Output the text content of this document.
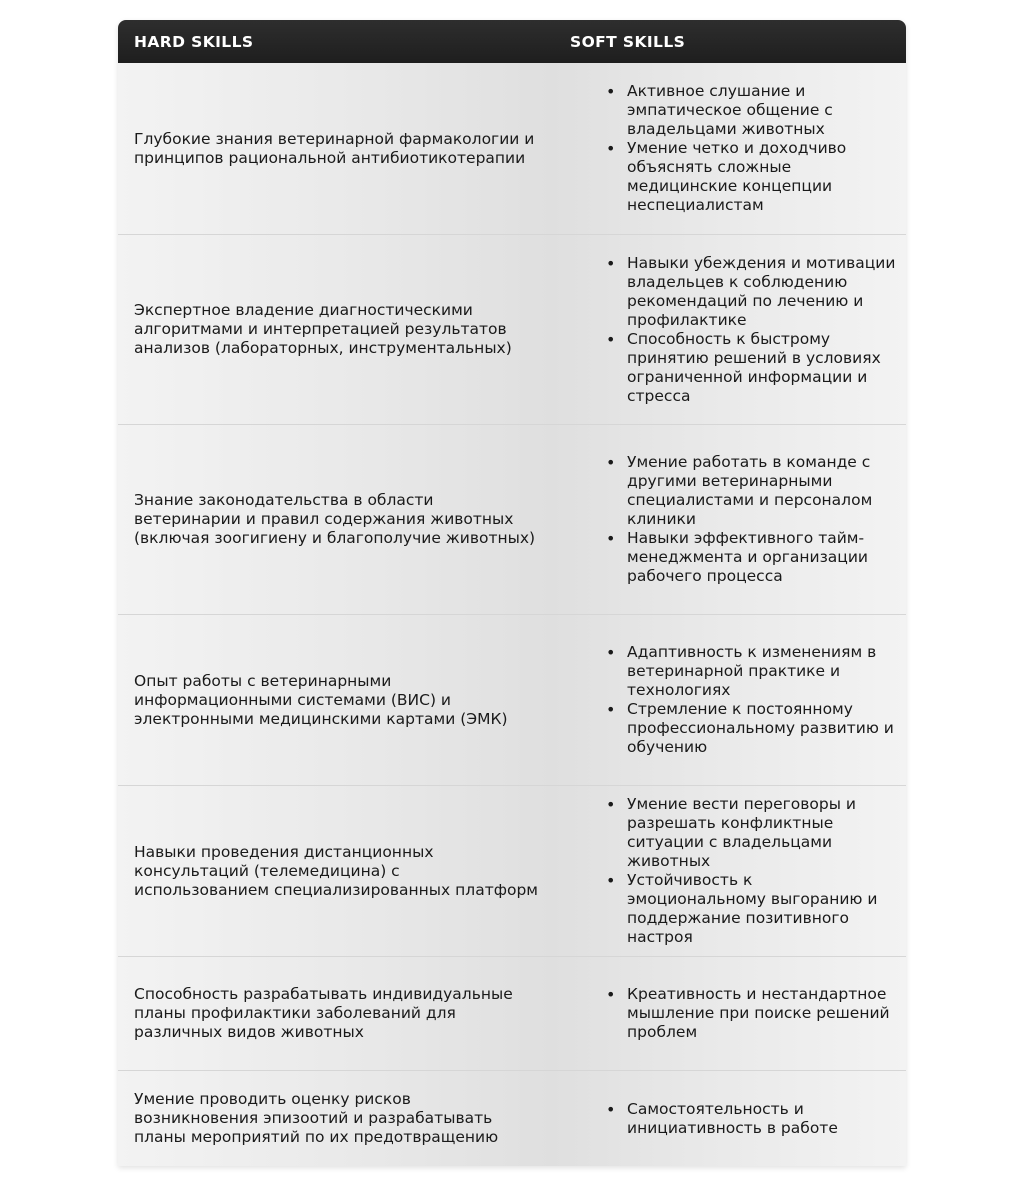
HARD SKILLS	SOFT SKILLS
Глубокие знания ветеринарной фармакологии и принципов рациональной антибиотикотерапии
• Активное слушание и эмпатическое общение с владельцами животных
• Умение четко и доходчиво объяснять сложные медицинские концепции неспециалистам
Экспертное владение диагностическими алгоритмами и интерпретацией результатов анализов (лабораторных, инструментальных)
• Навыки убеждения и мотивации владельцев к соблюдению рекомендаций по лечению и профилактике
• Способность к быстрому принятию решений в условиях ограниченной информации и стресса
Знание законодательства в области ветеринарии и правил содержания животных (включая зоогигиену и благополучие животных)
• Умение работать в команде с другими ветеринарными специалистами и персоналом клиники
• Навыки эффективного тайм-менеджмента и организации рабочего процесса
Опыт работы с ветеринарными информационными системами (ВИС) и электронными медицинскими картами (ЭМК)
• Адаптивность к изменениям в ветеринарной практике и технологиях
• Стремление к постоянному профессиональному развитию и обучению
Навыки проведения дистанционных консультаций (телемедицина) с использованием специализированных платформ
• Умение вести переговоры и разрешать конфликтные ситуации с владельцами животных
• Устойчивость к эмоциональному выгоранию и поддержание позитивного настроя
Способность разрабатывать индивидуальные планы профилактики заболеваний для различных видов животных
• Креативность и нестандартное мышление при поиске решений проблем
Умение проводить оценку рисков возникновения эпизоотий и разрабатывать планы мероприятий по их предотвращению
• Самостоятельность и инициативность в работе
